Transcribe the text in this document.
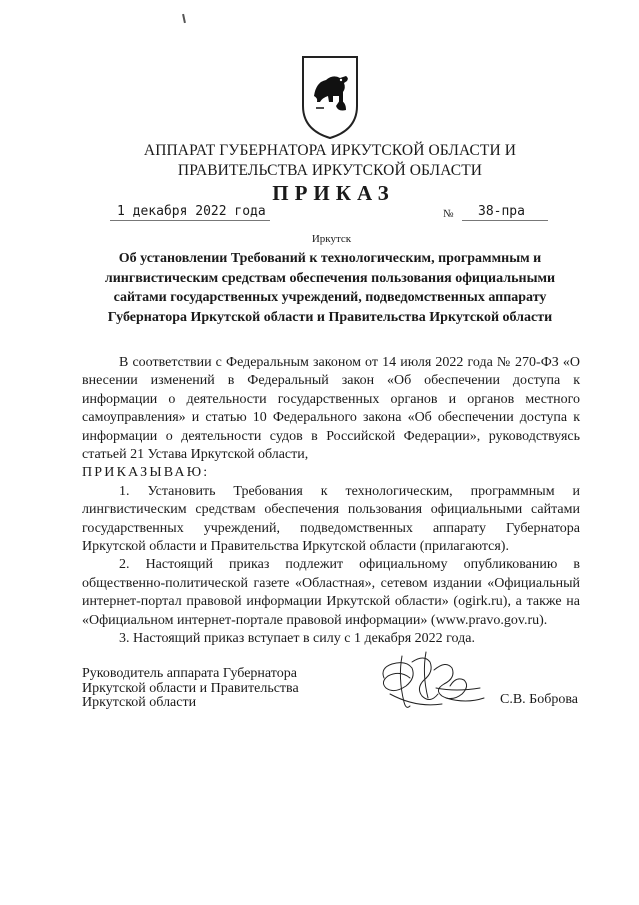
АППАРАТ ГУБЕРНАТОРА ИРКУТСКОЙ ОБЛАСТИ И
ПРАВИТЕЛЬСТВА ИРКУТСКОЙ ОБЛАСТИ
ПРИКАЗ
1 декабря 2022 года	№ 38-пра
Иркутск
Об установлении Требований к технологическим, программным и
лингвистическим средствам обеспечения пользования официальными
сайтами государственных учреждений, подведомственных аппарату
Губернатора Иркутской области и Правительства Иркутской области

В соответствии с Федеральным законом от 14 июля 2022 года № 270-ФЗ «О

внесении изменений в Федеральный закон «Об обеспечении доступа к

информации о деятельности государственных органов и органов местного

самоуправления» и статью 10 Федерального закона «Об обеспечении доступа к

информации о деятельности судов в Российской Федерации», руководствуясь

статьей 21 Устава Иркутской области,

ПРИКАЗЫВАЮ:

1. Установить Требования к технологическим, программным и

лингвистическим средствам обеспечения пользования официальными сайтами

государственных учреждений, подведомственных аппарату Губернатора

Иркутской области и Правительства Иркутской области (прилагаются).

2. Настоящий приказ подлежит официальному опубликованию в

общественно-политической газете «Областная», сетевом издании «Официальный

интернет-портал правовой информации Иркутской области» (ogirk.ru), а также на

«Официальном интернет-портале правовой информации» (www.pravo.gov.ru).

3. Настоящий приказ вступает в силу с 1 декабря 2022 года.

Руководитель аппарата Губернатора
Иркутской области и Правительства
Иркутской области	С.В. Боброва
